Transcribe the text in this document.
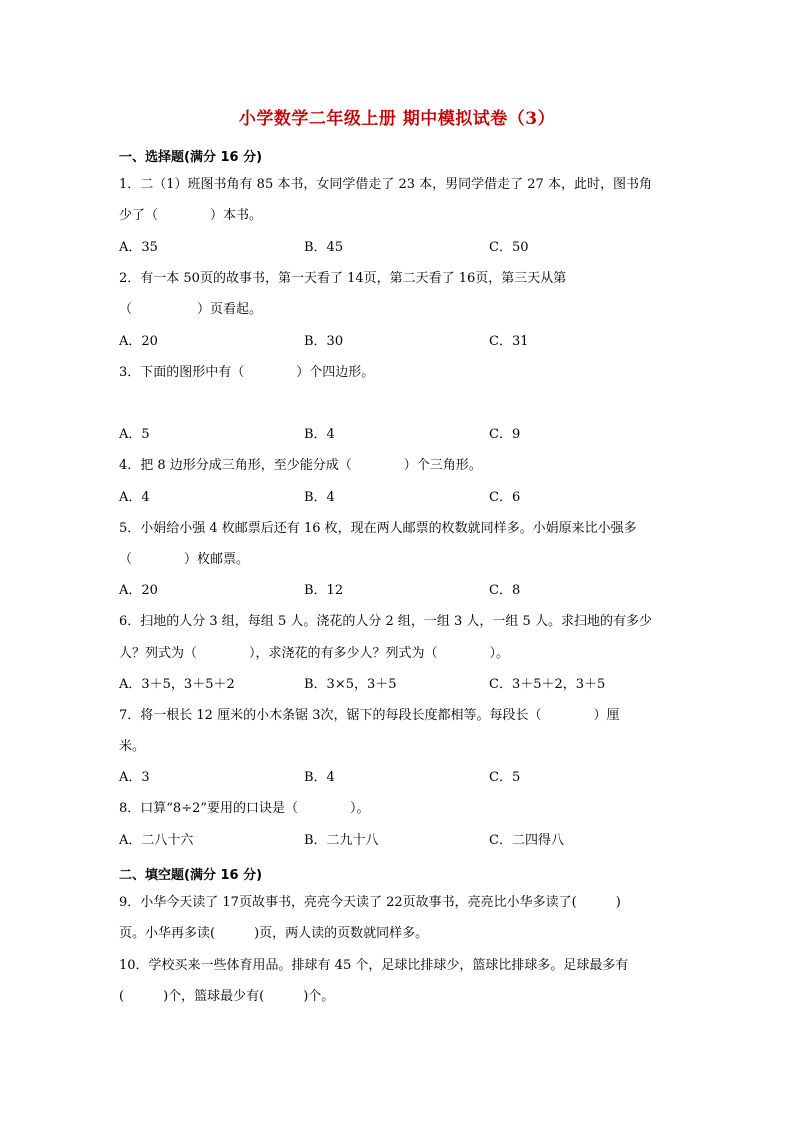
小学数学二年级上册 期中模拟试卷（3）
一、选择题(满分 16 分)
1．二（1）班图书角有 85 本书，女同学借走了 23 本，男同学借走了 27 本，此时，图书角
少了（　　　　）本书。
A．35	B．45	C．50
2．有一本 50页的故事书，第一天看了 14页，第二天看了 16页，第三天从第
（　　　　　）页看起。
A．20	B．30	C．31
3．下面的图形中有（　　　　）个四边形。
A．5	B．4	C．9
4．把 8 边形分成三角形，至少能分成（　　　　）个三角形。
A．4	B．4	C．6
5．小娟给小强 4 枚邮票后还有 16 枚，现在两人邮票的枚数就同样多。小娟原来比小强多
（　　　　）枚邮票。
A．20	B．12	C．8
6．扫地的人分 3 组，每组 5 人。浇花的人分 2 组，一组 3 人，一组 5 人。求扫地的有多少
人？列式为（　　　　），求浇花的有多少人？列式为（　　　　）。
A．3＋5，3＋5＋2	B．3×5，3＋5	C．3＋5＋2，3＋5
7．将一根长 12 厘米的小木条锯 3次，锯下的每段长度都相等。每段长（　　　　）厘
米。
A．3	B．4	C．5
8．口算“8÷2”要用的口诀是（　　　　）。
A．二八十六	B．二九十八	C．二四得八
二、填空题(满分 16 分)
9．小华今天读了 17页故事书，亮亮今天读了 22页故事书，亮亮比小华多读了(　　　)
页。小华再多读(　　　)页，两人读的页数就同样多。
10．学校买来一些体育用品。排球有 45 个，足球比排球少，篮球比排球多。足球最多有
(　　　)个，篮球最少有(　　　)个。
